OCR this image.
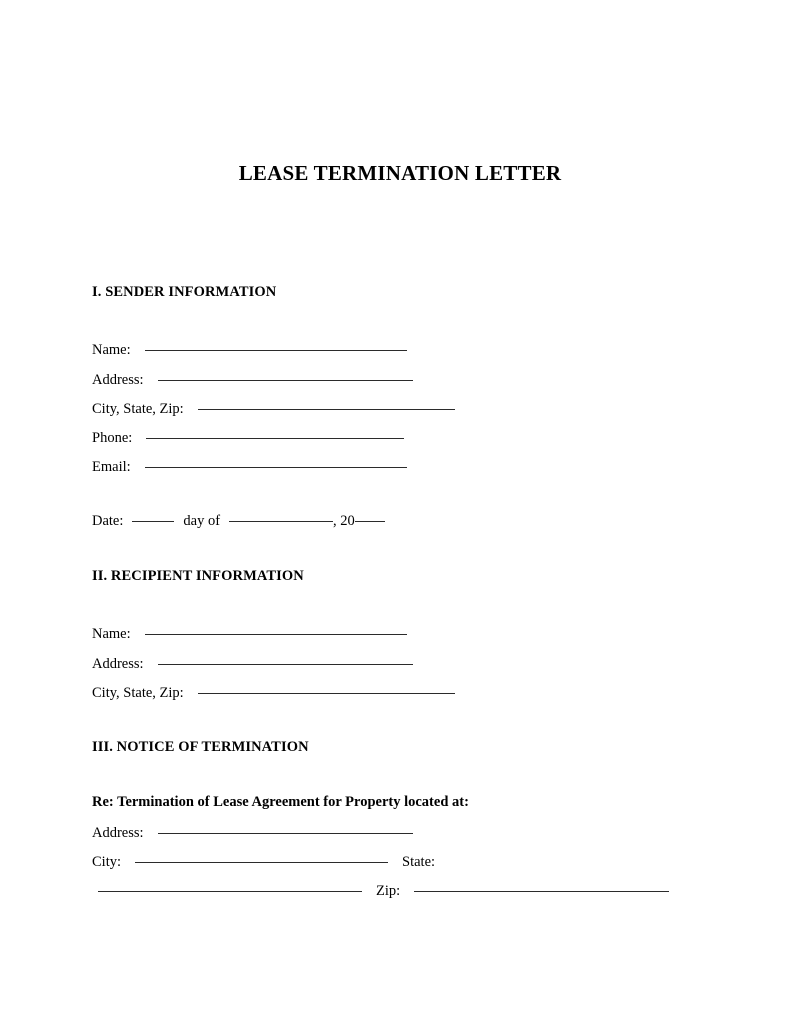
LEASE TERMINATION LETTER
I. SENDER INFORMATION
Name:
Address:
City, State, Zip:
Phone:
Email:
Date:	day of	, 20
II. RECIPIENT INFORMATION
Name:
Address:
City, State, Zip:
III. NOTICE OF TERMINATION
Re: Termination of Lease Agreement for Property located at:
Address:
City:	State:
Zip:
